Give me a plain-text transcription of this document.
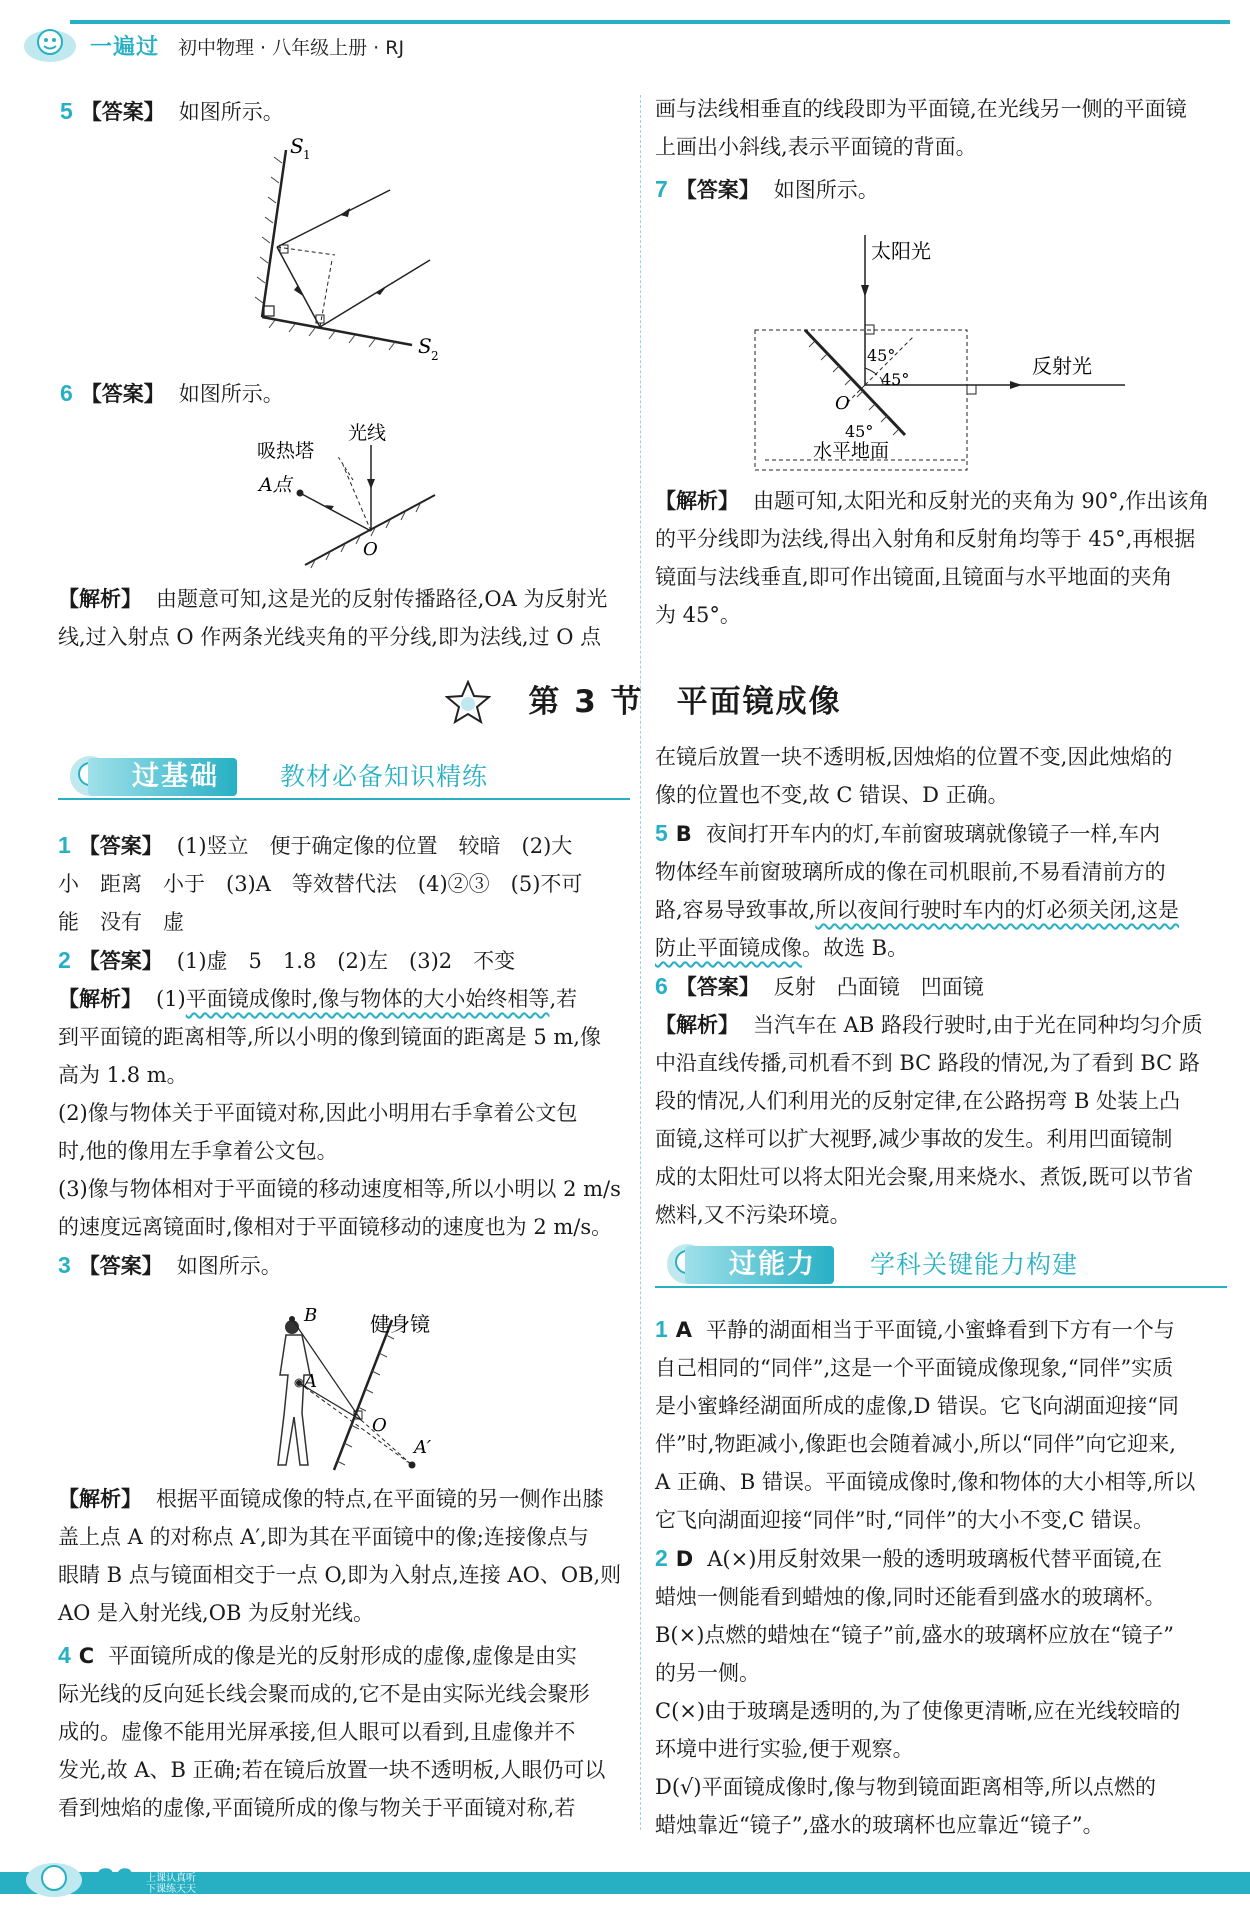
一遍过 初中物理 · 八年级上册 · RJ

5 【答案】 如图所示。

S 1
S 2

6 【答案】 如图所示。

光线
吸热塔
A点
O

【解析】 由题意可知,这是光的反射传播路径,OA 为反射光

线,过入射点 O 作两条光线夹角的平分线,即为法线,过 O 点

画与法线相垂直的线段即为平面镜,在光线另一侧的平面镜

上画出小斜线,表示平面镜的背面。

7 【答案】 如图所示。

太阳光
反射光
水平地面
45°
45°
45°
O

【解析】 由题可知,太阳光和反射光的夹角为 90°,作出该角

的平分线即为法线,得出入射角和反射角均等于 45°,再根据

镜面与法线垂直,即可作出镜面,且镜面与水平地面的夹角

为 45°。

第 3 节　平面镜成像
过基础	教材必备知识精练

1 【答案】 (1)竖立　便于确定像的位置　较暗　(2)大

小　距离　小于　(3)A　等效替代法　(4)②③　(5)不可

能　没有　虚

2 【答案】 (1)虚　5　1.8　(2)左　(3)2　不变

【解析】 (1)平面镜成像时,像与物体的大小始终相等,若

到平面镜的距离相等,所以小明的像到镜面的距离是 5 m,像

高为 1.8 m。

(2)像与物体关于平面镜对称,因此小明用右手拿着公文包

时,他的像用左手拿着公文包。

(3)像与物体相对于平面镜的移动速度相等,所以小明以 2 m/s

的速度远离镜面时,像相对于平面镜移动的速度也为 2 m/s。

3 【答案】 如图所示。

健身镜
B
A
O
A′

【解析】 根据平面镜成像的特点,在平面镜的另一侧作出膝

盖上点 A 的对称点 A′,即为其在平面镜中的像;连接像点与

眼睛 B 点与镜面相交于一点 O,即为入射点,连接 AO、OB,则

AO 是入射光线,OB 为反射光线。

4 C 平面镜所成的像是光的反射形成的虚像,虚像是由实

际光线的反向延长线会聚而成的,它不是由实际光线会聚形

成的。虚像不能用光屏承接,但人眼可以看到,且虚像并不

发光,故 A、B 正确;若在镜后放置一块不透明板,人眼仍可以

看到烛焰的虚像,平面镜所成的像与物关于平面镜对称,若

在镜后放置一块不透明板,因烛焰的位置不变,因此烛焰的

像的位置也不变,故 C 错误、D 正确。

5 B 夜间打开车内的灯,车前窗玻璃就像镜子一样,车内

物体经车前窗玻璃所成的像在司机眼前,不易看清前方的

路,容易导致事故,所以夜间行驶时车内的灯必须关闭,这是

防止平面镜成像。故选 B。

6 【答案】 反射　凸面镜　凹面镜

【解析】 当汽车在 AB 路段行驶时,由于光在同种均匀介质

中沿直线传播,司机看不到 BC 路段的情况,为了看到 BC 路

段的情况,人们利用光的反射定律,在公路拐弯 B 处装上凸

面镜,这样可以扩大视野,减少事故的发生。利用凹面镜制

成的太阳灶可以将太阳光会聚,用来烧水、煮饭,既可以节省

燃料,又不污染环境。

过能力	学科关键能力构建

1 A 平静的湖面相当于平面镜,小蜜蜂看到下方有一个与

自己相同的“同伴”,这是一个平面镜成像现象,“同伴”实质

是小蜜蜂经湖面所成的虚像,D 错误。它飞向湖面迎接“同

伴”时,物距减小,像距也会随着减小,所以“同伴”向它迎来,

A 正确、B 错误。平面镜成像时,像和物体的大小相等,所以

它飞向湖面迎接“同伴”时,“同伴”的大小不变,C 错误。

2 D A(×)用反射效果一般的透明玻璃板代替平面镜,在

蜡烛一侧能看到蜡烛的像,同时还能看到盛水的玻璃杯。

B(×)点燃的蜡烛在“镜子”前,盛水的玻璃杯应放在“镜子”

的另一侧。

C(×)由于玻璃是透明的,为了使像更清晰,应在光线较暗的

环境中进行实验,便于观察。

D(√)平面镜成像时,像与物到镜面距离相等,所以点燃的

蜡烛靠近“镜子”,盛水的玻璃杯也应靠近“镜子”。

26 上课认真听
下课练天天
